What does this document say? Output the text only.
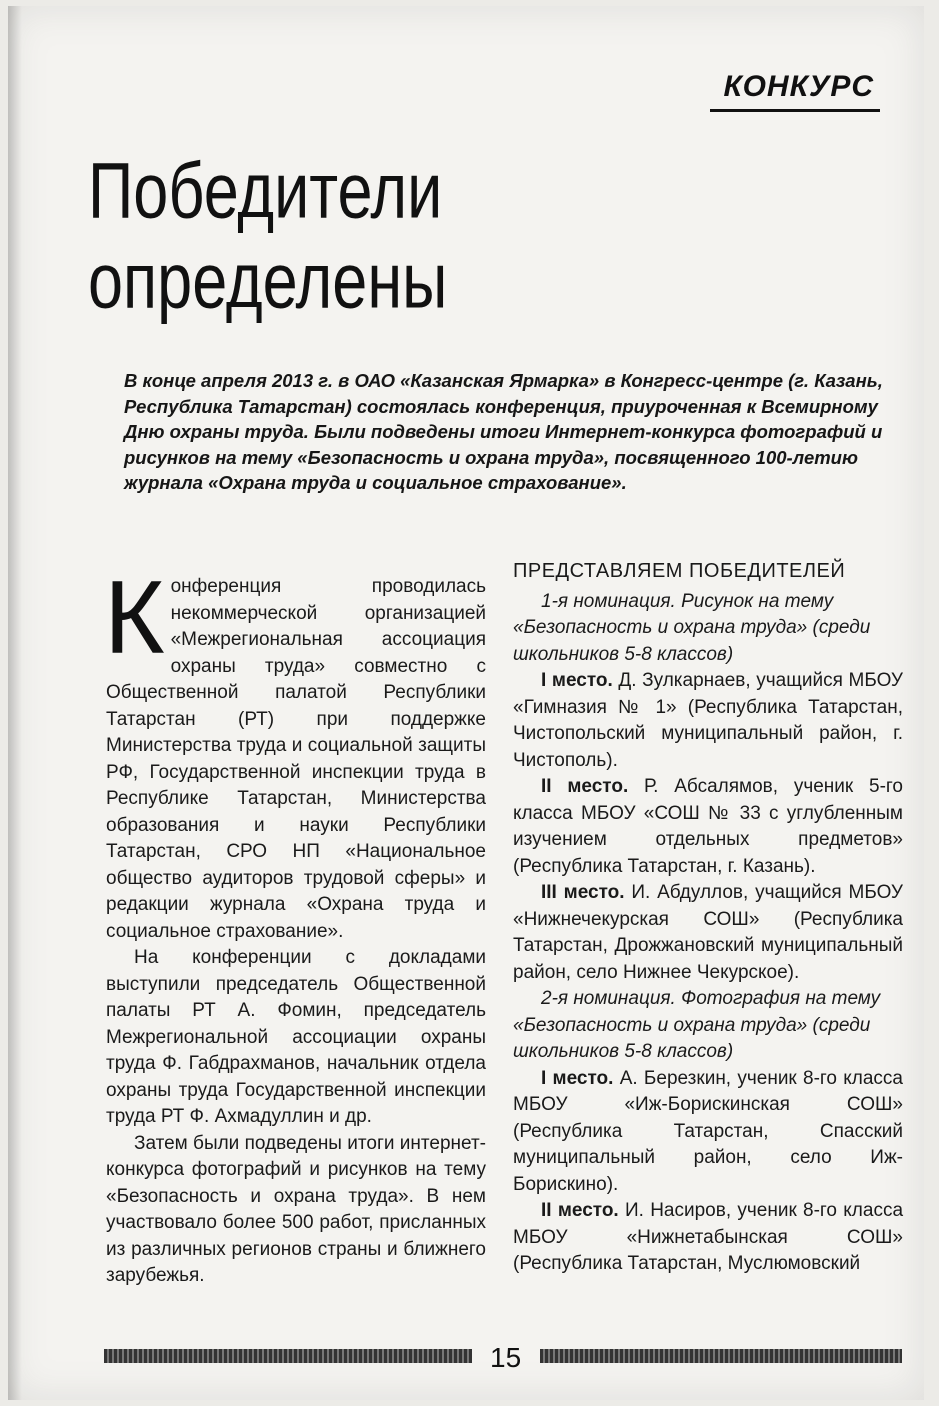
КОНКУРС
Победители
определены

В конце апреля 2013 г. в ОАО «Казанская Ярмарка» в Конгресс-центре (г. Казань, Республика Татарстан) состоялась конференция, приуроченная к Всемирному Дню охраны труда. Были подведены итоги Интернет-конкурса фотографий и рисунков на тему «Безопасность и охрана труда», посвященного 100-летию журнала «Охрана труда и социальное страхование».

Конференция проводилась некоммерческой организацией «Межрегиональная ассоциация охраны труда» совместно с Общественной палатой Республики Татарстан (РТ) при поддержке Министерства труда и социальной защиты РФ, Государственной инспекции труда в Республике Татарстан, Министерства образования и науки Республики Татарстан, СРО НП «Национальное общество аудиторов трудовой сферы» и редакции журнала «Охрана труда и социальное страхование».

На конференции с докладами выступили председатель Общественной палаты РТ А. Фомин, председатель Межрегиональной ассоциации охраны труда Ф. Габдрахманов, начальник отдела охраны труда Государственной инспекции труда РТ Ф. Ахмадуллин и др.

Затем были подведены итоги интернет-конкурса фотографий и рисунков на тему «Безопасность и охрана труда». В нем участвовало более 500 работ, присланных из различных регионов страны и ближнего зарубежья.

ПРЕДСТАВЛЯЕМ ПОБЕДИТЕЛЕЙ

1-я номинация. Рисунок на тему «Безопасность и охрана труда» (среди школьников 5-8 классов)

I место. Д. Зулкарнаев, учащийся МБОУ «Гимназия № 1» (Республика Татарстан, Чистопольский муниципальный район, г. Чистополь).

II место. Р. Абсалямов, ученик 5-го класса МБОУ «СОШ № 33 с углубленным изучением отдельных предметов» (Республика Татарстан, г. Казань).

III место. И. Абдуллов, учащийся МБОУ «Нижнечекурская СОШ» (Республика Татарстан, Дрожжановский муниципальный район, село Нижнее Чекурское).

2-я номинация. Фотография на тему «Безопасность и охрана труда» (среди школьников 5-8 классов)

I место. А. Березкин, ученик 8-го класса МБОУ «Иж-Борискинская СОШ» (Республика Татарстан, Спасский муниципальный район, село Иж-Борискино).

II место. И. Насиров, ученик 8-го класса МБОУ «Нижнетабынская СОШ» (Республика Татарстан, Муслюмовский

15
